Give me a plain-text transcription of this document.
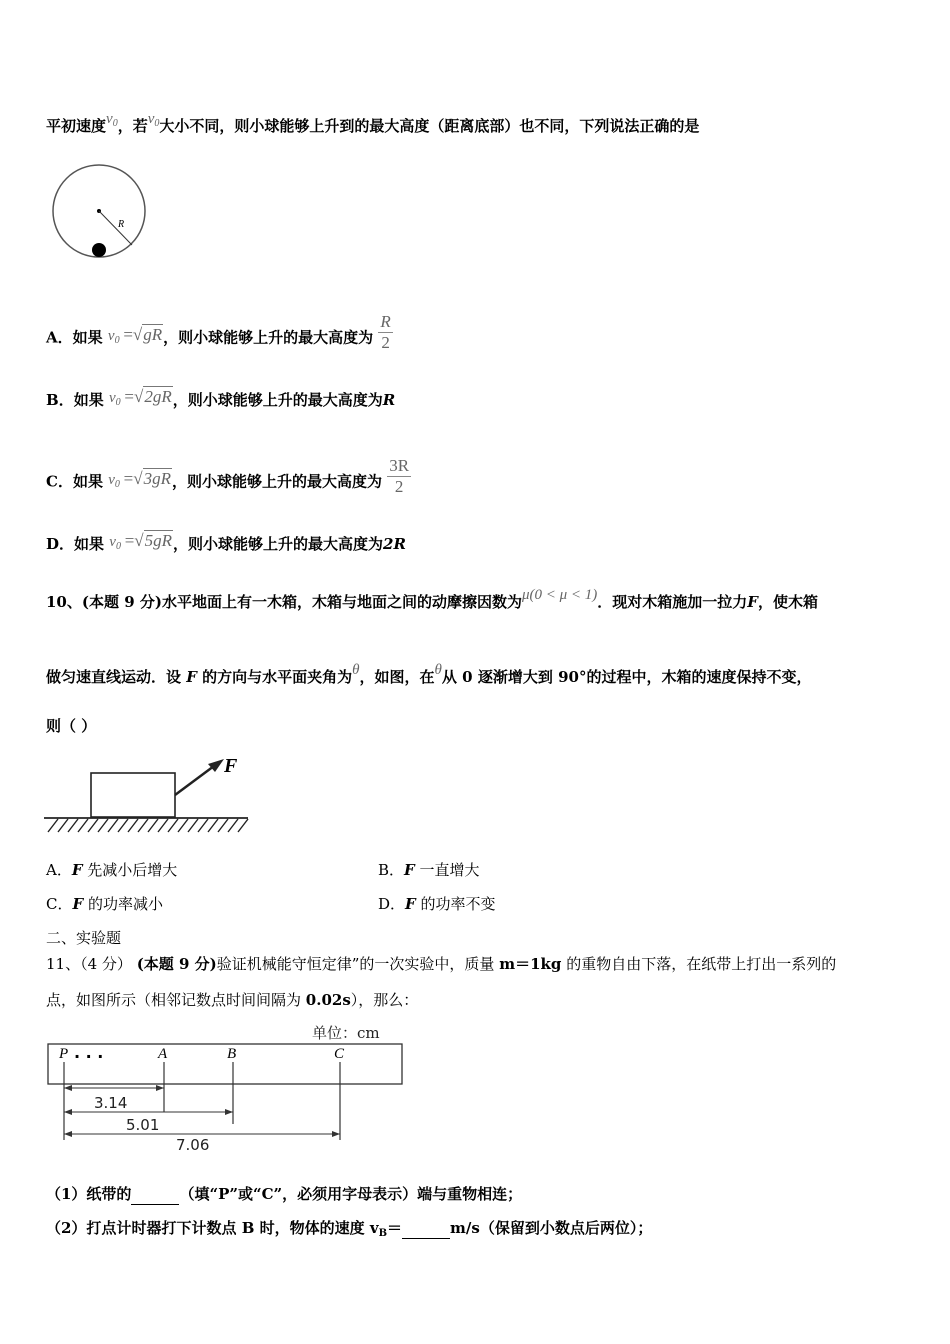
平初速度$v_0$，若$v_0$大小不同，则小球能够上升到的最大高度（距离底部）也不同，下列说法正确的是
R
A．如果 $v_0 =√gR$，则小球能够上升的最大高度为 $\frac{R}{2}$
B．如果 $v_0 =√2gR$，则小球能够上升的最大高度为R
C．如果 $v_0 =√3gR$，则小球能够上升的最大高度为 $\frac{3R}{2}$
D．如果 $v_0 =√5gR$，则小球能够上升的最大高度为2R
10、(本题 9 分)水平地面上有一木箱，木箱与地面之间的动摩擦因数为μ(0 < μ < 1)．现对木箱施加一拉力F，使木箱
做匀速直线运动．设 F 的方向与水平面夹角为θ，如图，在θ从 0 逐渐增大到 90°的过程中，木箱的速度保持不变，
则（ ）
F
A．F 先减小后增大	B．F 一直增大
C．F 的功率减小	D．F 的功率不变
二、实验题
11、（4 分） (本题 9 分)验证机械能守恒定律”的一次实验中，质量 m＝1kg 的重物自由下落，在纸带上打出一系列的
点，如图所示（相邻记数点时间间隔为 0.02s），那么：
单位：cm
P · · ·	A	B	C
3.14
5.01
7.06
（1）纸带的	（填“P”或“C”，必须用字母表示）端与重物相连；
（2）打点计时器打下计数点 B 时，物体的速度 $v_B=$	m/s（保留到小数点后两位）；
